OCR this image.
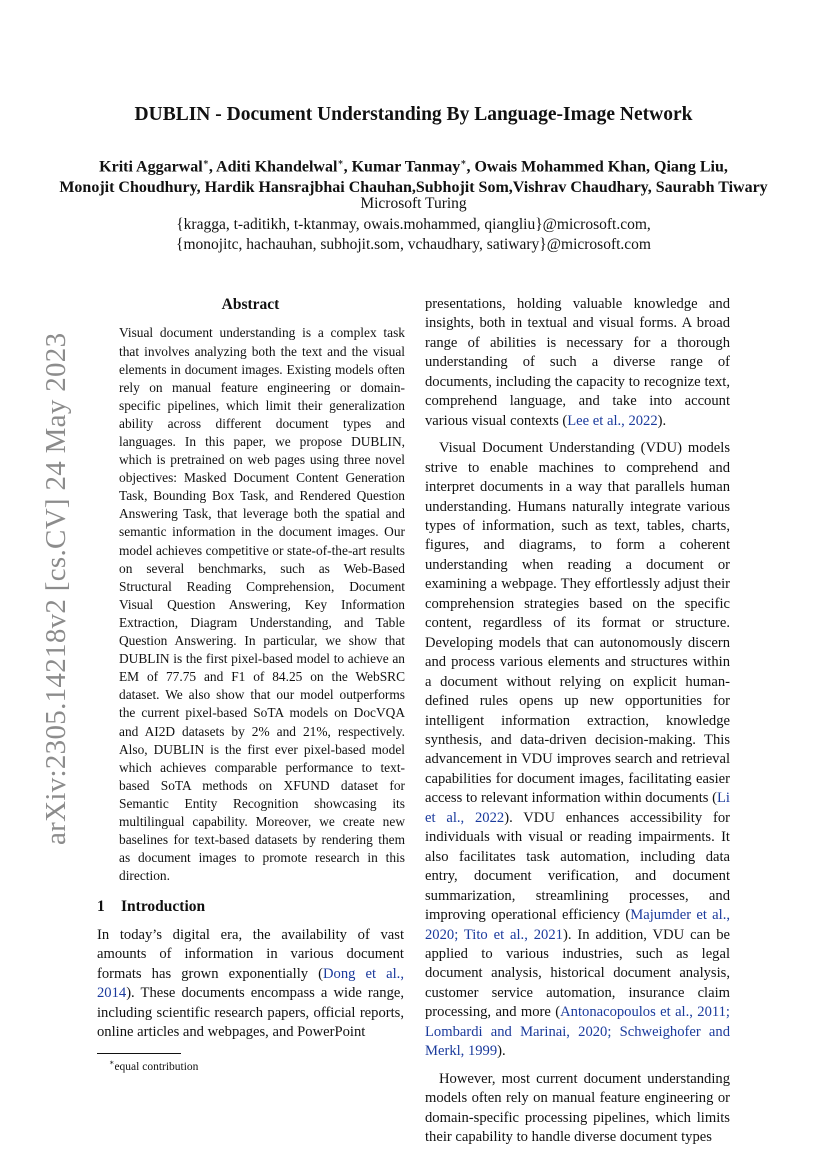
arXiv:2305.14218v2 [cs.CV] 24 May 2023
DUBLIN - Document Understanding By Language-Image Network
Kriti Aggarwal∗, Aditi Khandelwal∗, Kumar Tanmay∗, Owais Mohammed Khan, Qiang Liu,
Monojit Choudhury, Hardik Hansrajbhai Chauhan,Subhojit Som,Vishrav Chaudhary, Saurabh Tiwary
Microsoft Turing
{kragga, t-aditikh, t-ktanmay, owais.mohammed, qiangliu}@microsoft.com,
{monojitc, hachauhan, subhojit.som, vchaudhary, satiwary}@microsoft.com
Abstract
Visual document understanding is a complex task that involves analyzing both the text and the visual elements in document images. Existing models often rely on manual feature engineering or domain-specific pipelines, which limit their generalization ability across different document types and languages. In this paper, we propose DUBLIN, which is pretrained on web pages using three novel objectives: Masked Document Content Generation Task, Bounding Box Task, and Rendered Question Answering Task, that leverage both the spatial and semantic information in the document images. Our model achieves competitive or state-of-the-art results on several benchmarks, such as Web-Based Structural Reading Comprehension, Document Visual Question Answering, Key Information Extraction, Diagram Understanding, and Table Question Answering. In particular, we show that DUBLIN is the first pixel-based model to achieve an EM of 77.75 and F1 of 84.25 on the WebSRC dataset. We also show that our model outperforms the current pixel-based SoTA models on DocVQA and AI2D datasets by 2% and 21%, respectively. Also, DUBLIN is the first ever pixel-based model which achieves comparable performance to text-based SoTA methods on XFUND dataset for Semantic Entity Recognition showcasing its multilingual capability. Moreover, we create new baselines for text-based datasets by rendering them as document images to promote research in this direction.
1 Introduction

In today’s digital era, the availability of vast amounts of information in various document formats has grown exponentially (Dong et al., 2014). These documents encompass a wide range, including scientific research papers, official reports, online articles and webpages, and PowerPoint

presentations, holding valuable knowledge and insights, both in textual and visual forms. A broad range of abilities is necessary for a thorough understanding of such a diverse range of documents, including the capacity to recognize text, comprehend language, and take into account various visual contexts (Lee et al., 2022).

Visual Document Understanding (VDU) models strive to enable machines to comprehend and interpret documents in a way that parallels human understanding. Humans naturally integrate various types of information, such as text, tables, charts, figures, and diagrams, to form a coherent understanding when reading a document or examining a webpage. They effortlessly adjust their comprehension strategies based on the specific content, regardless of its format or structure. Developing models that can autonomously discern and process various elements and structures within a document without relying on explicit human-defined rules opens up new opportunities for intelligent information extraction, knowledge synthesis, and data-driven decision-making. This advancement in VDU improves search and retrieval capabilities for document images, facilitating easier access to relevant information within documents (Li et al., 2022). VDU enhances accessibility for individuals with visual or reading impairments. It also facilitates task automation, including data entry, document verification, and document summarization, streamlining processes, and improving operational efficiency (Majumder et al., 2020; Tito et al., 2021). In addition, VDU can be applied to various industries, such as legal document analysis, historical document analysis, customer service automation, insurance claim processing, and more (Antonacopoulos et al., 2011; Lombardi and Marinai, 2020; Schweighofer and Merkl, 1999).

However, most current document understanding models often rely on manual feature engineering or domain-specific processing pipelines, which limits their capability to handle diverse document types

∗equal contribution
